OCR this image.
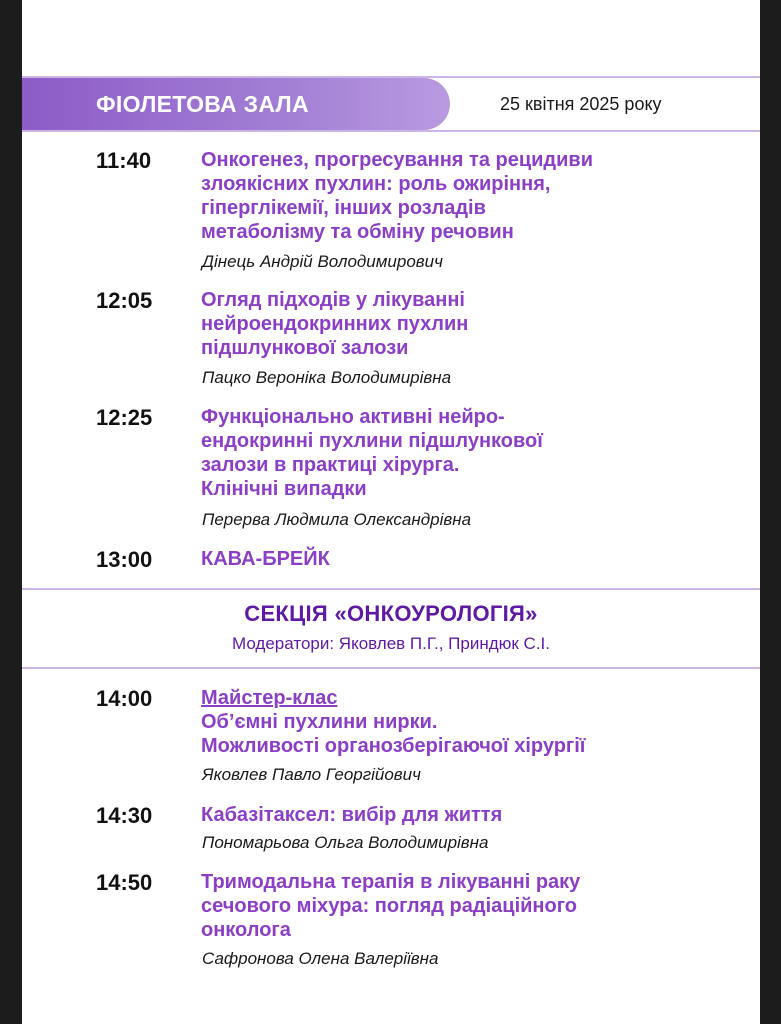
ФІОЛЕТОВА ЗАЛА	25 квітня 2025 року
11:40 Онкогенез, прогресування та рецидиви
злоякісних пухлин: роль ожиріння,
гіперглікемії, інших розладів
метаболізму та обміну речовин

Дінець Андрій Володимирович
12:05 Огляд підходів у лікуванні
нейроендокринних пухлин
підшлункової залози

Пацко Вероніка Володимирівна
12:25 Функціонально активні нейро-
ендокринні пухлини підшлункової
залози в практиці хірурга.
Клінічні випадки

Перерва Людмила Олександрівна
13:00 КАВА-БРЕЙК

СЕКЦІЯ «ОНКОУРОЛОГІЯ»
Модератори: Яковлев П.Г., Приндюк С.І.
14:00 Майстер-клас
Об’ємні пухлини нирки.
Можливості органозберігаючої хірургії

Яковлев Павло Георгійович
14:30 Кабазітаксел: вибір для життя

Пономарьова Ольга Володимирівна
14:50 Тримодальна терапія в лікуванні раку
сечового міхура: погляд радіаційного
онколога

Сафронова Олена Валеріївна
